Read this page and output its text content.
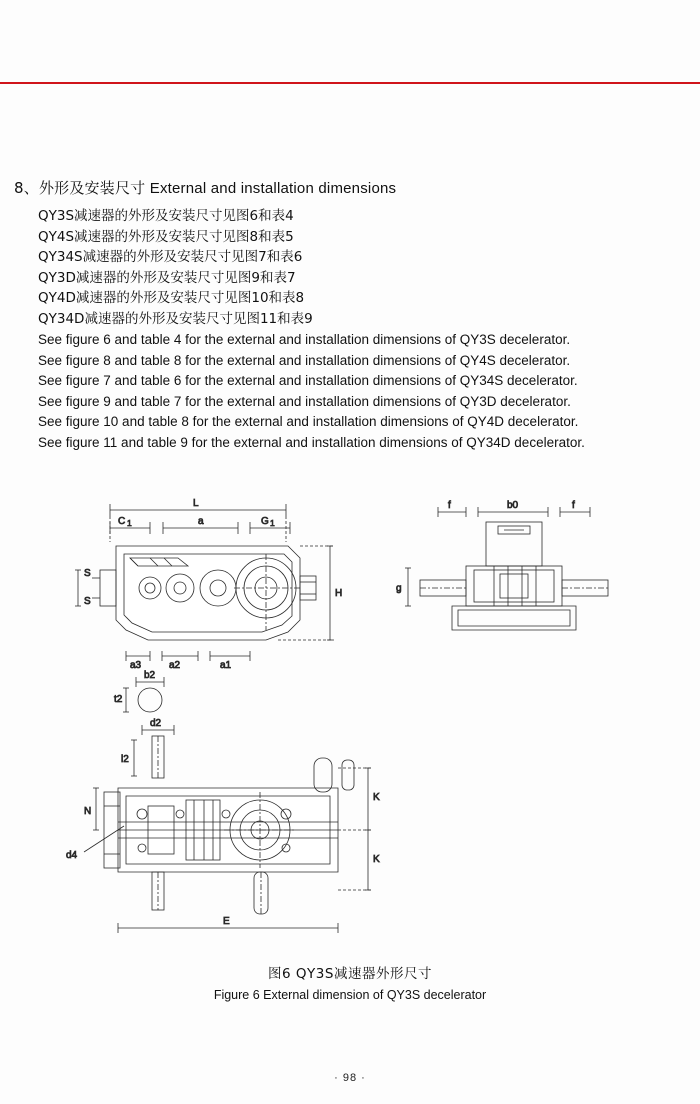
8、外形及安装尺寸 External and installation dimensions
QY3S减速器的外形及安装尺寸见图6和表4
QY4S减速器的外形及安装尺寸见图8和表5
QY34S减速器的外形及安装尺寸见图7和表6
QY3D减速器的外形及安装尺寸见图9和表7
QY4D减速器的外形及安装尺寸见图10和表8
QY34D减速器的外形及安装尺寸见图11和表9
See figure 6 and table 4 for the external and installation dimensions of QY3S decelerator.
See figure 8 and table 8 for the external and installation dimensions of QY4S decelerator.
See figure 7 and table 6 for the external and installation dimensions of QY34S decelerator.
See figure 9 and table 7 for the external and installation dimensions of QY3D decelerator.
See figure 10 and table 8 for the external and installation dimensions of QY4D decelerator.
See figure 11 and table 9 for the external and installation dimensions of QY34D decelerator.
L
C 1	a	G 1
S
S
H
a3	a2	a1
f	b0	f
g
b2
t2
d2
l2
N
d4
K
K
E
图6 QY3S减速器外形尺寸
Figure 6 External dimension of QY3S decelerator
· 98 ·
